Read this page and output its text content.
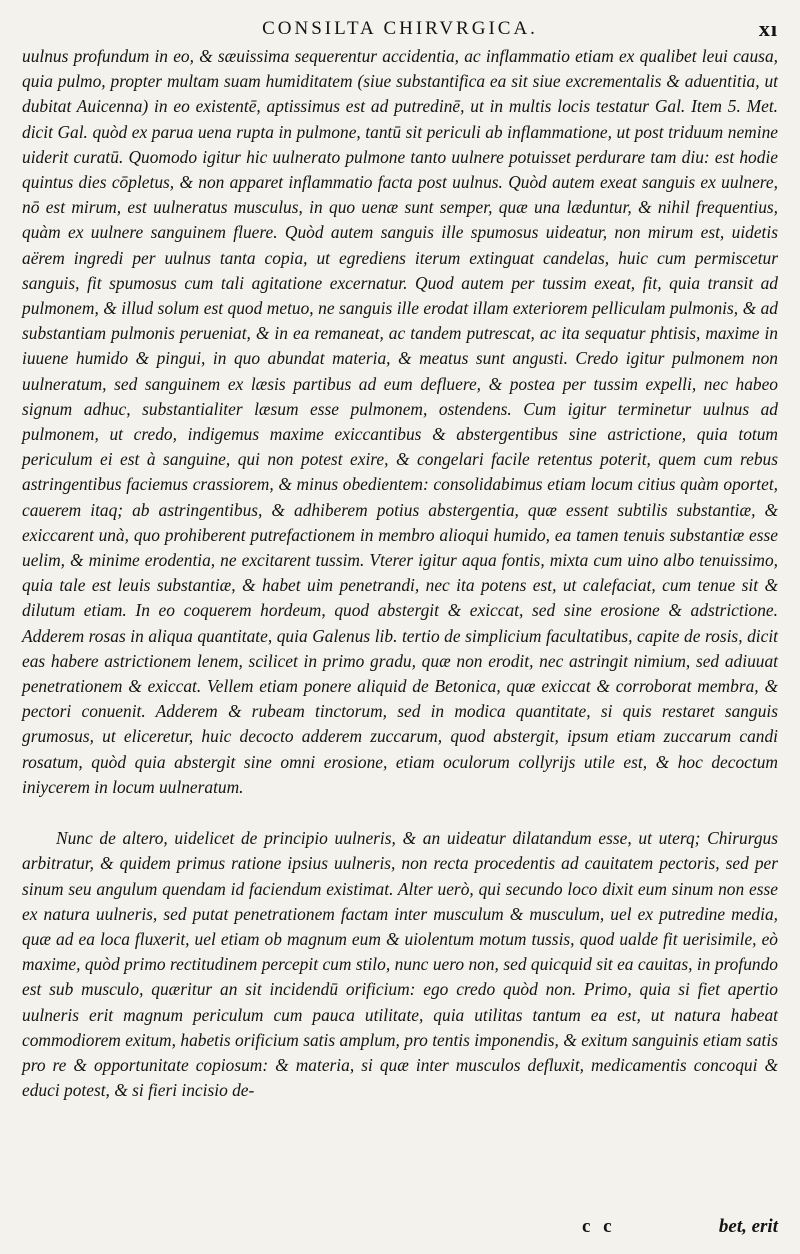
CONSILTA CHIRVRGICA.	xı

uulnus profundum in eo, & sæuissima sequerentur accidentia, ac inflammatio etiam ex qualibet leui causa, quia pulmo, propter multam suam humiditatem (siue substantifica ea sit siue excrementalis & aduentitia, ut dubitat Auicenna) in eo existentē, aptissimus est ad putredinē, ut in multis locis testatur Gal. Item 5. Met. dicit Gal. quòd ex parua uena rupta in pulmone, tantū sit periculi ab inflammatione, ut post triduum nemine uiderit curatū. Quomodo igitur hic uulnerato pulmone tanto uulnere potuisset perdurare tam diu: est hodie quintus dies cōpletus, & non apparet inflammatio facta post uulnus. Quòd autem exeat sanguis ex uulnere, nō est mirum, est uulneratus musculus, in quo uenæ sunt semper, quæ una læduntur, & nihil frequentius, quàm ex uulnere sanguinem fluere. Quòd autem sanguis ille spumosus uideatur, non mirum est, uidetis aërem ingredi per uulnus tanta copia, ut egrediens iterum extinguat candelas, huic cum permiscetur sanguis, fit spumosus cum tali agitatione excernatur. Quod autem per tussim exeat, fit, quia transit ad pulmonem, & illud solum est quod metuo, ne sanguis ille erodat illam exteriorem pelliculam pulmonis, & ad substantiam pulmonis perueniat, & in ea remaneat, ac tandem putrescat, ac ita sequatur phtisis, maxime in iuuene humido & pingui, in quo abundat materia, & meatus sunt angusti. Credo igitur pulmonem non uulneratum, sed sanguinem ex læsis partibus ad eum defluere, & postea per tussim expelli, nec habeo signum adhuc, substantialiter læsum esse pulmonem, ostendens. Cum igitur terminetur uulnus ad pulmonem, ut credo, indigemus maxime exiccantibus & abstergentibus sine astrictione, quia totum periculum ei est à sanguine, qui non potest exire, & congelari facile retentus poterit, quem cum rebus astringentibus faciemus crassiorem, & minus obedientem: consolidabimus etiam locum citius quàm oportet, cauerem itaq; ab astringentibus, & adhiberem potius abstergentia, quæ essent subtilis substantiæ, & exiccarent unà, quo prohiberent putrefactionem in membro alioqui humido, ea tamen tenuis substantiæ esse uelim, & minime erodentia, ne excitarent tussim. Vterer igitur aqua fontis, mixta cum uino albo tenuissimo, quia tale est leuis substantiæ, & habet uim penetrandi, nec ita potens est, ut calefaciat, cum tenue sit & dilutum etiam. In eo coquerem hordeum, quod abstergit & exiccat, sed sine erosione & adstrictione. Adderem rosas in aliqua quantitate, quia Galenus lib. tertio de simplicium facultatibus, capite de rosis, dicit eas habere astrictionem lenem, scilicet in primo gradu, quæ non erodit, nec astringit nimium, sed adiuuat penetrationem & exiccat. Vellem etiam ponere aliquid de Betonica, quæ exiccat & corroborat membra, & pectori conuenit. Adderem & rubeam tinctorum, sed in modica quantitate, si quis restaret sanguis grumosus, ut eliceretur, huic decocto adderem zuccarum, quod abstergit, ipsum etiam zuccarum candi rosatum, quòd quia abstergit sine omni erosione, etiam oculorum collyrijs utile est, & hoc decoctum iniycerem in locum uulneratum.

Nunc de altero, uidelicet de principio uulneris, & an uideatur dilatandum esse, ut uterq; Chirurgus arbitratur, & quidem primus ratione ipsius uulneris, non recta procedentis ad cauitatem pectoris, sed per sinum seu angulum quendam id faciendum existimat. Alter uerò, qui secundo loco dixit eum sinum non esse ex natura uulneris, sed putat penetrationem factam inter musculum & musculum, uel ex putredine media, quæ ad ea loca fluxerit, uel etiam ob magnum eum & uiolentum motum tussis, quod ualde fit uerisimile, eò maxime, quòd primo rectitudinem percepit cum stilo, nunc uero non, sed quicquid sit ea cauitas, in profundo est sub musculo, quæritur an sit incidendū orificium: ego credo quòd non. Primo, quia si fiet apertio uulneris erit magnum periculum cum pauca utilitate, quia utilitas tantum ea est, ut natura habeat commodiorem exitum, habetis orificium satis amplum, pro tentis imponendis, & exitum sanguinis etiam satis pro re & opportunitate copiosum: & materia, si quæ inter musculos defluxit, medicamentis concoqui & educi potest, & si fieri incisio de-

c c	bet, erit
